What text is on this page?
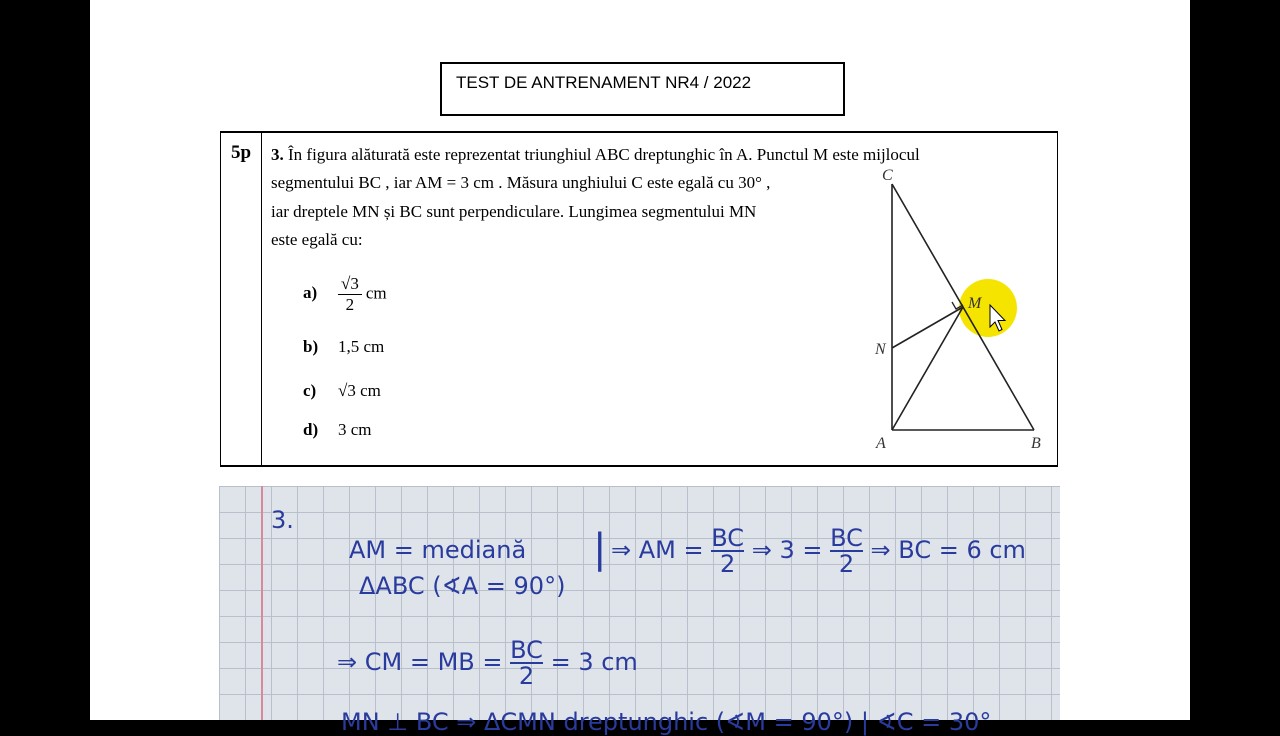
TEST DE ANTRENAMENT NR4 / 2022
5p	3. În figura alăturată este reprezentat triunghiul ABC dreptunghic în A. Punctul M este mijlocul
segmentului BC , iar AM = 3 cm . Măsura unghiului C este egală cu 30° ,
iar dreptele MN și BC sunt perpendiculare. Lungimea segmentului MN
este egală cu:
$a) \frac{√3}{2}$ cm
b) 1,5 cm
c) √3 cm
d) 3 cm
C
N
M
A	B
3.
AM = mediană
ΔABC (∢A = 90°)
| ⇒ AM = $\frac{BC}{2}$ ⇒ $3 = \frac{BC}{2}$ ⇒ BC = 6 cm
⇒ CM = MB = $\frac{BC}{2} = 3$ cm
MN ⊥ BC ⇒ ΔCMN dreptunghic (∢M = 90°) | ∢C = 30°
